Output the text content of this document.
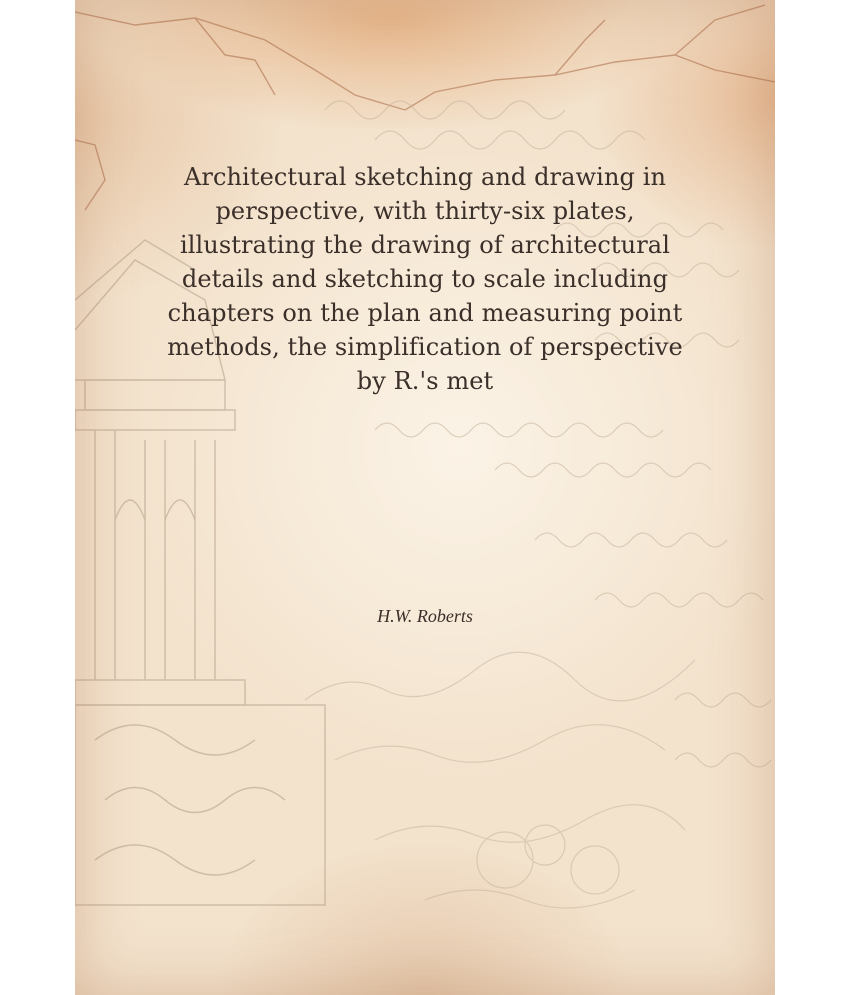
Architectural sketching and drawing in perspective, with thirty-six plates, illustrating the drawing of architectural details and sketching to scale including chapters on the plan and measuring point methods, the simplification of perspective by R.'s met

H.W. Roberts
